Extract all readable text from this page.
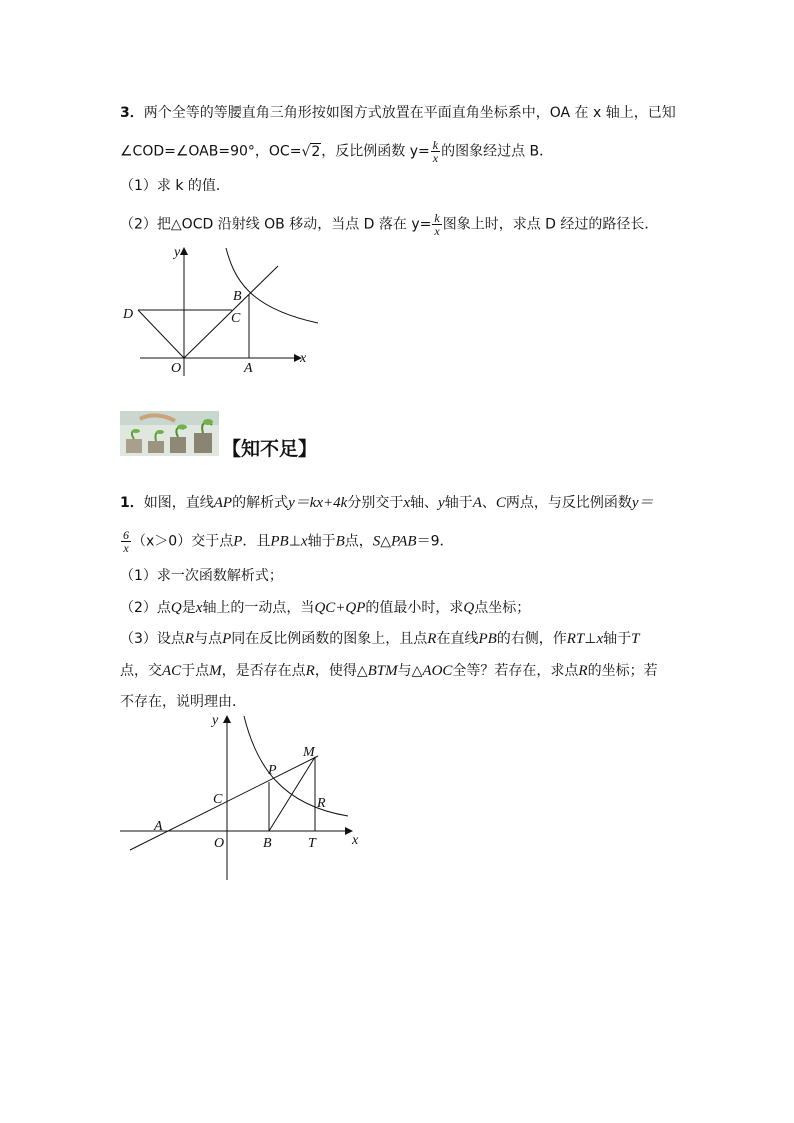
3．两个全等的等腰直角三角形按如图方式放置在平面直角坐标系中，OA 在 x 轴上，已知
∠COD=∠OAB=90°，OC=√2，反比例函数 $y= \frac{k}{x}$ 的图象经过点 B．
（1）求 k 的值．
（2）把△OCD 沿射线 OB 移动，当点 D 落在 $y= \frac{k}{x}$ 图象上时，求点 D 经过的路径长．
y
x
B
C
D
O	A
【知不足】
1．如图，直线AP的解析式y＝kx+4k分别交于x轴、y轴于A、C两点，与反比例函数y＝
$\frac{6}{x} (x>0)$交于点P．且PB⊥x轴于B点，S△PAB＝9．
（1）求一次函数解析式；
（2）点Q是x轴上的一动点，当QC+QP的值最小时，求Q点坐标；
（3）设点R与点P同在反比例函数的图象上，且点R在直线PB的右侧，作RT⊥x轴于T
点，交AC于点M，是否存在点R，使得△BTM与△AOC全等？若存在，求点R的坐标；若
不存在，说明理由．
y
x
M
P
C	R
A
O	B	T
